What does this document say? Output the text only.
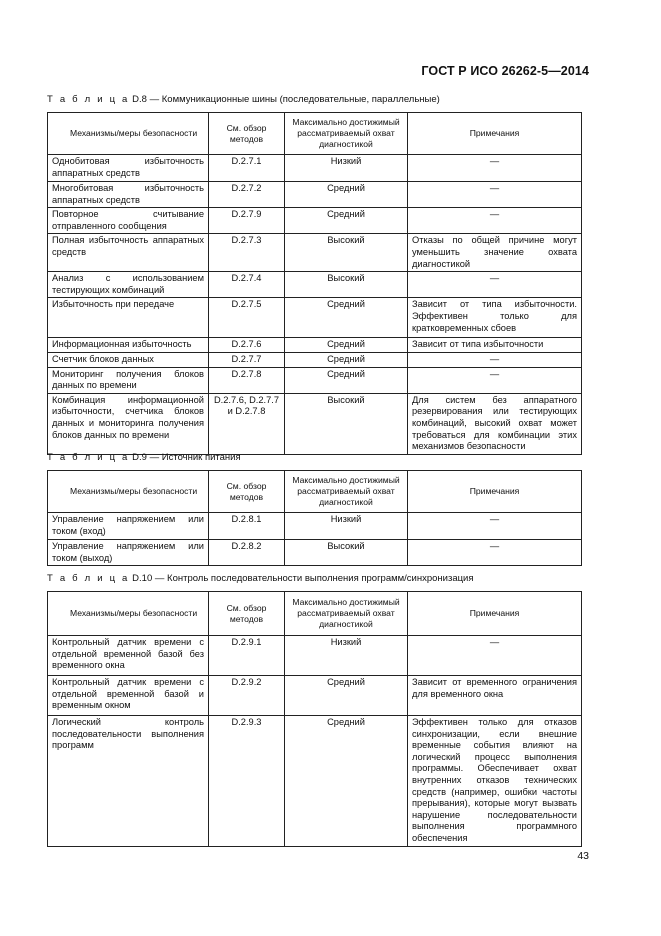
ГОСТ Р ИСО 26262-5—2014
Т а б л и ц а D.8 — Коммуникационные шины (последовательные, параллельные)
Механизмы/меры безопасности	См. обзор методов	Максимально достижимый рассматриваемый охват диагностикой	Примечания
Однобитовая избыточность аппаратных средств	D.2.7.1	Низкий	—
Многобитовая избыточность аппаратных средств	D.2.7.2	Средний	—
Повторное считывание отправленного сообщения	D.2.7.9	Средний	—
Полная избыточность аппаратных средств	D.2.7.3	Высокий	Отказы по общей причине могут уменьшить значение охвата диагностикой
Анализ с использованием тестирующих комбинаций	D.2.7.4	Высокий	—
Избыточность при передаче	D.2.7.5	Средний	Зависит от типа избыточности. Эффективен только для кратковременных сбоев
Информационная избыточность	D.2.7.6	Средний	Зависит от типа избыточности
Счетчик блоков данных	D.2.7.7	Средний	—
Мониторинг получения блоков данных по времени	D.2.7.8	Средний	—
Комбинация информационной избыточности, счетчика блоков данных и мониторинга получения блоков данных по времени	D.2.7.6, D.2.7.7 и D.2.7.8	Высокий	Для систем без аппаратного резервирования или тестирующих комбинаций, высокий охват может требоваться для комбинации этих механизмов безопасности
Т а б л и ц а D.9 — Источник питания
Механизмы/меры безопасности	См. обзор методов	Максимально достижимый рассматриваемый охват диагностикой	Примечания
Управление напряжением или током (вход)	D.2.8.1	Низкий	—
Управление напряжением или током (выход)	D.2.8.2	Высокий	—
Т а б л и ц а D.10 — Контроль последовательности выполнения программ/синхронизация
Механизмы/меры безопасности	См. обзор методов	Максимально достижимый рассматриваемый охват диагностикой	Примечания
Контрольный датчик времени с отдельной временной базой без временного окна	D.2.9.1	Низкий	—
Контрольный датчик времени с отдельной временной базой и временным окном	D.2.9.2	Средний	Зависит от временного ограничения для временного окна
Логический контроль последовательности выполнения программ	D.2.9.3	Средний	Эффективен только для отказов синхронизации, если внешние временные события влияют на логический процесс выполнения программы. Обеспечивает охват внутренних отказов технических средств (например, ошибки частоты прерывания), которые могут вызвать нарушение последовательности выполнения программного обеспечения
43
